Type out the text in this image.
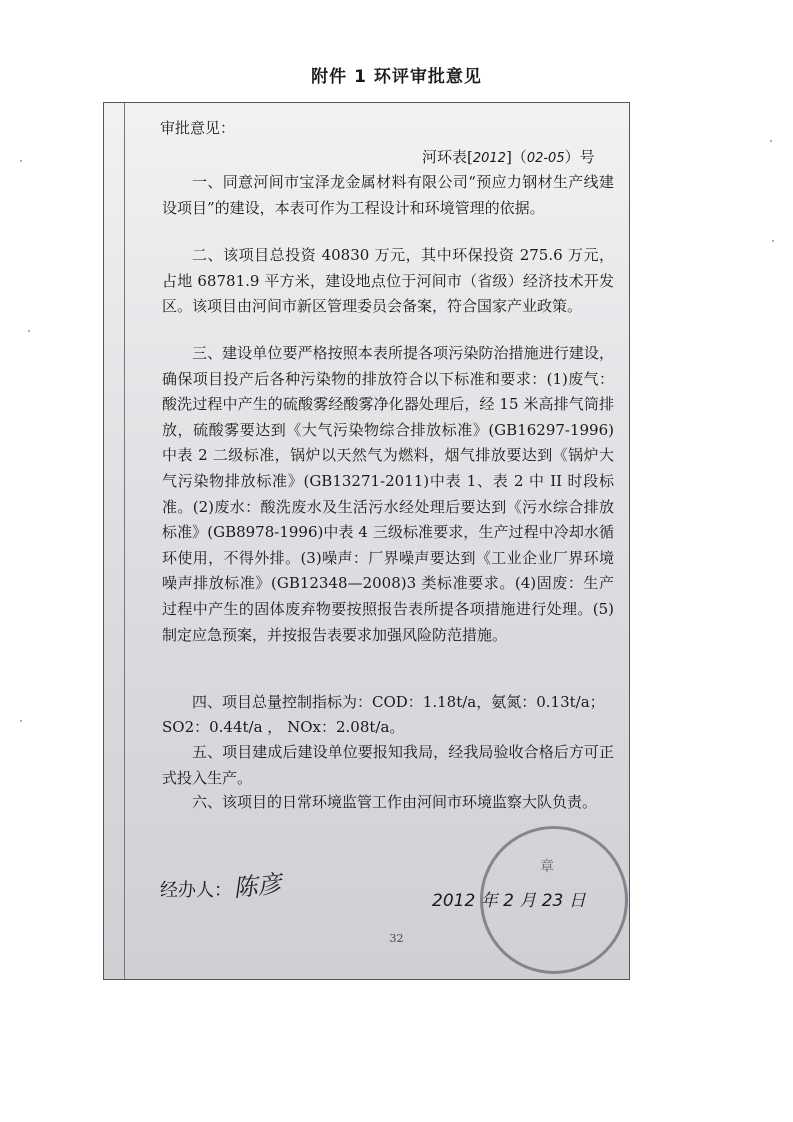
附件 1 环评审批意见
审批意见：
河环表[2012]（02-05）号

一、同意河间市宝泽龙金属材料有限公司“预应力钢材生产线建设项目”的建设，本表可作为工程设计和环境管理的依据。

二、该项目总投资 40830 万元，其中环保投资 275.6 万元，占地 68781.9 平方米，建设地点位于河间市（省级）经济技术开发区。该项目由河间市新区管理委员会备案，符合国家产业政策。

三、建设单位要严格按照本表所提各项污染防治措施进行建设，确保项目投产后各种污染物的排放符合以下标准和要求：(1)废气：酸洗过程中产生的硫酸雾经酸雾净化器处理后，经 15 米高排气筒排放，硫酸雾要达到《大气污染物综合排放标准》(GB16297-1996)中表 2 二级标准，锅炉以天然气为燃料，烟气排放要达到《锅炉大气污染物排放标准》(GB13271-2011)中表 1、表 2 中 II 时段标准。(2)废水：酸洗废水及生活污水经处理后要达到《污水综合排放标准》(GB8978-1996)中表 4 三级标准要求，生产过程中冷却水循环使用，不得外排。(3)噪声：厂界噪声要达到《工业企业厂界环境噪声排放标准》(GB12348—2008)3 类标准要求。(4)固废：生产过程中产生的固体废弃物要按照报告表所提各项措施进行处理。(5)制定应急预案，并按报告表要求加强风险防范措施。

四、项目总量控制指标为：COD：1.18t/a，氨氮：0.13t/a；

SO2：0.44t/a ， NOx：2.08t/a。

五、项目建成后建设单位要报知我局，经我局验收合格后方可正式投入生产。

六、该项目的日常环境监管工作由河间市环境监察大队负责。

经办人： 陈彦
章
2012 年 2 月 23 日
32
